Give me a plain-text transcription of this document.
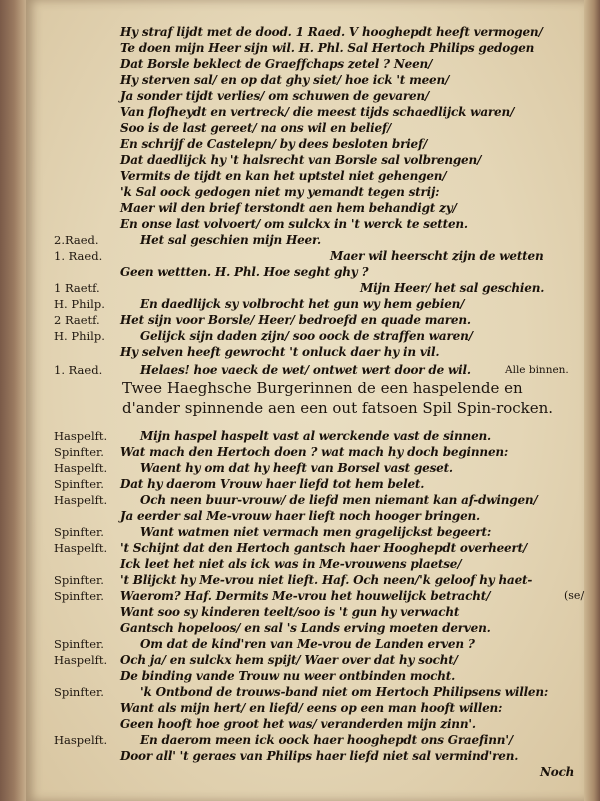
Hy straf lijdt met de dood. 1 Raed. V hooghepdt heeft vermogen/
Te doen mijn Heer sijn wil. H. Phl. Sal Hertoch Philips gedogen
Dat Borsle beklect de Graeffchaps zetel ? Neen/
Hy sterven sal/ en op dat ghy siet/ hoe ick 't meen/
Ja sonder tijdt verlies/ om schuwen de gevaren/
Van flofheydt en vertreck/ die meest tijds schaedlijck waren/
Soo is de last gereet/ na ons wil en belief/
En schrijf de Castelepn/ by dees besloten brief/
Dat daedlijck hy 't halsrecht van Borsle sal volbrengen/
Vermits de tijdt en kan het uptstel niet gehengen/
'k Sal oock gedogen niet my yemandt tegen strij:
Maer wil den brief terstondt aen hem behandigt zy/
En onse last volvoert/ om sulckx in 't werck te setten.
2.Raed.	Het sal geschien mijn Heer.
1. Raed.	Maer wil heerscht zijn de wetten
Geen wettten. H. Phl. Hoe seght ghy ?
1 Raetf.	Mijn Heer/ het sal geschien.
H. Philp.	En daedlijck sy volbrocht het gun wy hem gebien/
2 Raetf. Het sijn voor Borsle/ Heer/ bedroefd en quade maren.
H. Philp.	Gelijck sijn daden zijn/ soo oock de straffen waren/
Hy selven heeft gewrocht 't onluck daer hy in vil.
1. Raed.	Helaes! hoe vaeck de wet/ ontwet wert door de wil.	Alle binnen.
Twee Haeghsche Burgerinnen de een haspelende en d'ander spinnende aen een out fatsoen Spil Spin-rocken.
Haspelft.	Mijn haspel haspelt vast al werckende vast de sinnen.
Spinfter. Wat mach den Hertoch doen ? wat mach hy doch beginnen:
Haspelft.	Waent hy om dat hy heeft van Borsel vast geset.
Spinfter. Dat hy daerom Vrouw haer liefd tot hem belet.
Haspelft.	Och neen buur-vrouw/ de liefd men niemant kan af-dwingen/
Ja eerder sal Me-vrouw haer lieft noch hooger bringen.
Spinfter.	Want watmen niet vermach men gragelijckst begeert:
Haspelft. 't Schijnt dat den Hertoch gantsch haer Hooghepdt overheert/
Ick leet het niet als ick was in Me-vrouwens plaetse/
Spinfter. 't Blijckt hy Me-vrou niet lieft. Haf. Och neen/'k geloof hy haet-
Spinfter. Waerom? Haf. Dermits Me-vrou het houwelijck betracht/	(se/
Want soo sy kinderen teelt/soo is 't gun hy verwacht
Gantsch hopeloos/ en sal 's Lands erving moeten derven.
Spinfter.	Om dat de kind'ren van Me-vrou de Landen erven ?
Haspelft. Och ja/ en sulckx hem spijt/ Waer over dat hy socht/
De binding vande Trouw nu weer ontbinden mocht.
Spinfter.	'k Ontbond de trouws-band niet om Hertoch Philipsens willen:
Want als mijn hert/ en liefd/ eens op een man hooft willen:
Geen hooft hoe groot het was/ veranderden mijn zinn'.
Haspelft.	En daerom meen ick oock haer hooghepdt ons Graefinn'/
Door all' 't geraes van Philips haer liefd niet sal vermind'ren.
Noch
